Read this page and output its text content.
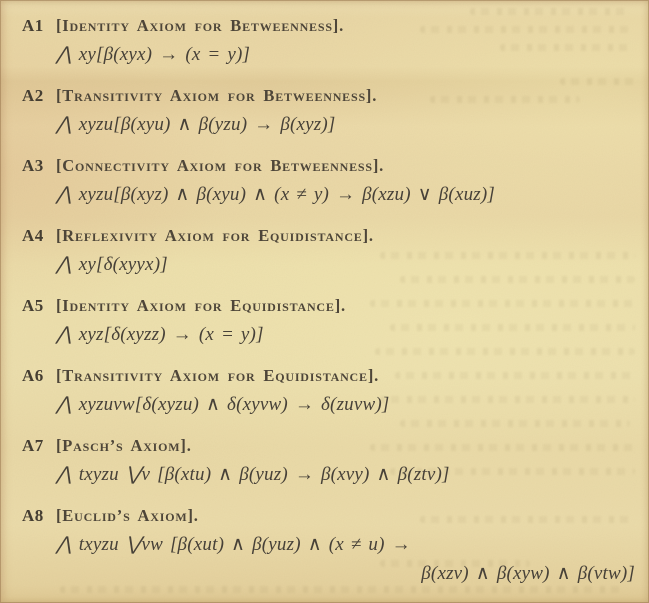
A1 [Identity Axiom for Betweenness].
⋀ xy[β(xyx) → (x = y)]
A2 [Transitivity Axiom for Betweenness].
⋀ xyzu[β(xyu) ∧ β(yzu) → β(xyz)]
A3 [Connectivity Axiom for Betweenness].
⋀ xyzu[β(xyz) ∧ β(xyu) ∧ (x ≠ y) → β(xzu) ∨ β(xuz)]
A4 [Reflexivity Axiom for Equidistance].
⋀ xy[δ(xyyx)]
A5 [Identity Axiom for Equidistance].
⋀ xyz[δ(xyzz) → (x = y)]
A6 [Transitivity Axiom for Equidistance].
⋀ xyzuvw[δ(xyzu) ∧ δ(xyvw) → δ(zuvw)]
A7 [Pasch’s Axiom].
⋀ txyzu ⋁v [β(xtu) ∧ β(yuz) → β(xvy) ∧ β(ztv)]
A8 [Euclid’s Axiom].
⋀ txyzu ⋁vw [β(xut) ∧ β(yuz) ∧ (x ≠ u) →
β(xzv) ∧ β(xyw) ∧ β(vtw)]
